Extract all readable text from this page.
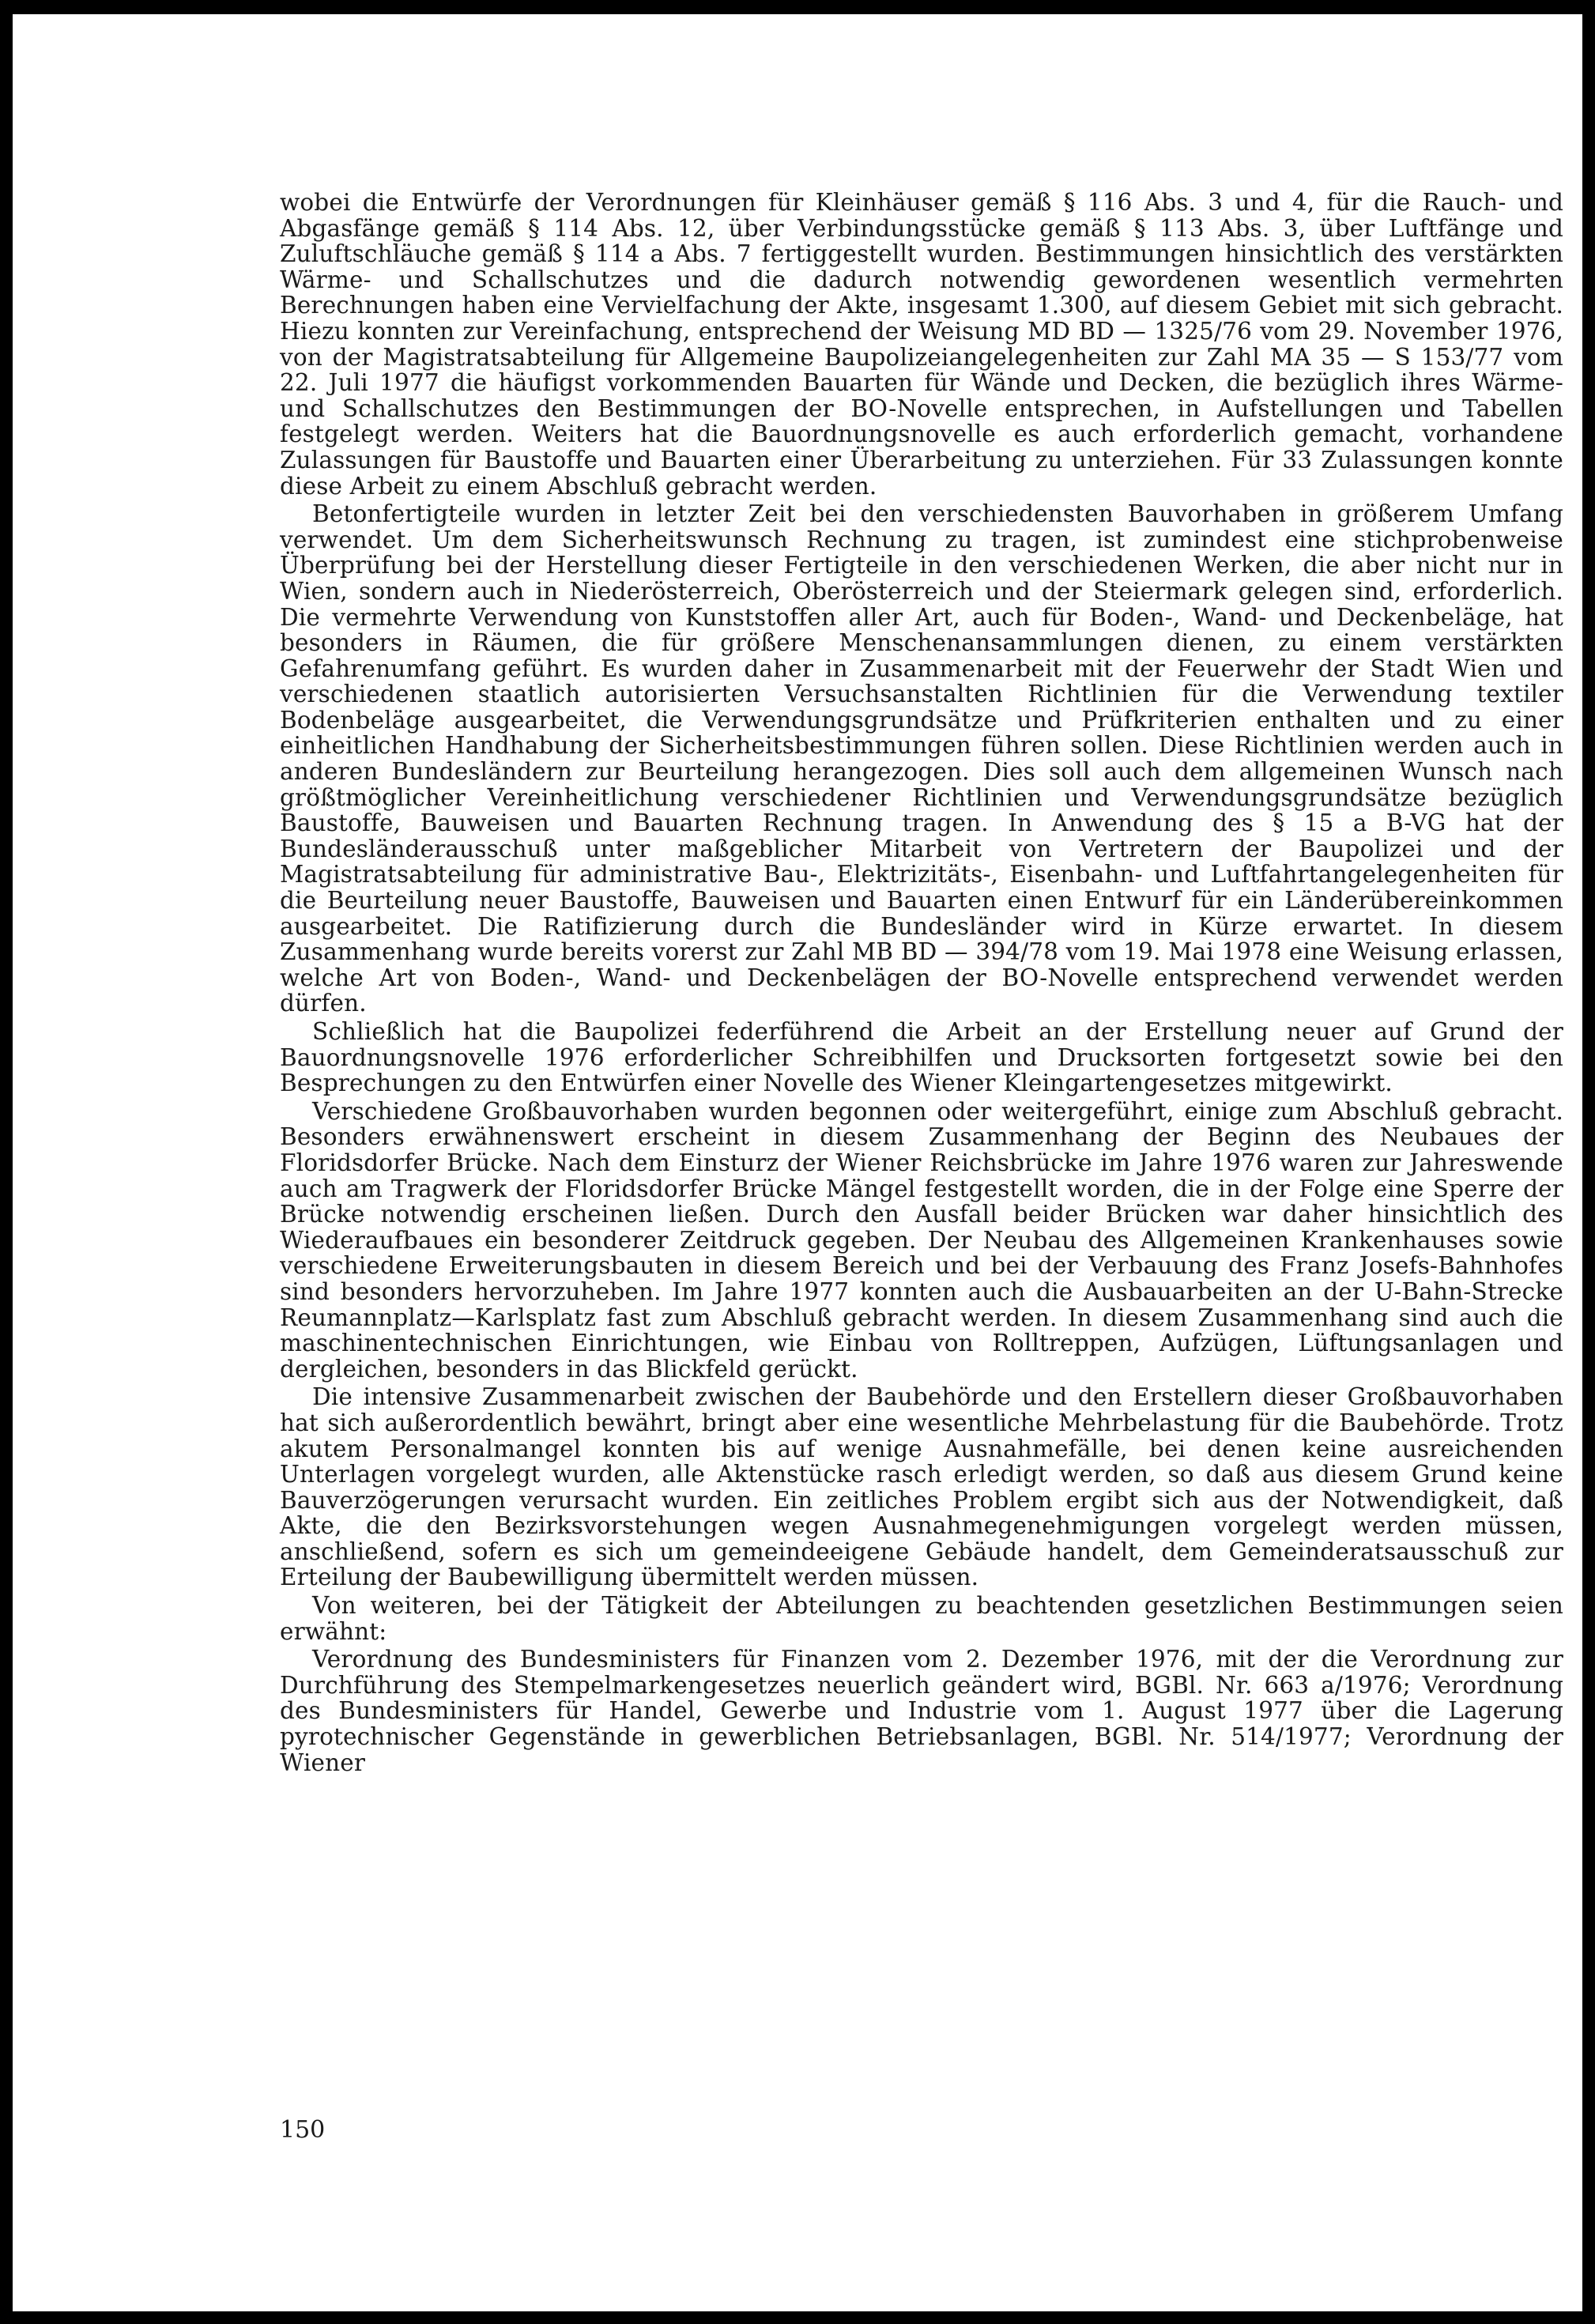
wobei die Entwürfe der Verordnungen für Kleinhäuser gemäß § 116 Abs. 3 und 4, für die Rauch- und Abgasfänge gemäß § 114 Abs. 12, über Verbindungsstücke gemäß § 113 Abs. 3, über Luftfänge und Zuluftschläuche gemäß § 114 a Abs. 7 fertiggestellt wurden. Bestimmungen hinsichtlich des verstärkten Wärme- und Schallschutzes und die dadurch notwendig gewordenen wesentlich vermehrten Berechnungen haben eine Vervielfachung der Akte, insgesamt 1.300, auf diesem Gebiet mit sich gebracht. Hiezu konnten zur Vereinfachung, entsprechend der Weisung MD BD — 1325/76 vom 29. November 1976, von der Magistratsabteilung für Allgemeine Baupolizeiangelegenheiten zur Zahl MA 35 — S 153/77 vom 22. Juli 1977 die häufigst vorkommenden Bauarten für Wände und Decken, die bezüglich ihres Wärme- und Schallschutzes den Bestimmungen der BO-Novelle entsprechen, in Aufstellungen und Tabellen festgelegt werden. Weiters hat die Bauordnungsnovelle es auch erforderlich gemacht, vorhandene Zulassungen für Baustoffe und Bauarten einer Überarbeitung zu unterziehen. Für 33 Zulassungen konnte diese Arbeit zu einem Abschluß gebracht werden.

Betonfertigteile wurden in letzter Zeit bei den verschiedensten Bauvorhaben in größerem Umfang verwendet. Um dem Sicherheitswunsch Rechnung zu tragen, ist zumindest eine stichprobenweise Überprüfung bei der Herstellung dieser Fertigteile in den verschiedenen Werken, die aber nicht nur in Wien, sondern auch in Niederösterreich, Oberösterreich und der Steiermark gelegen sind, erforderlich. Die vermehrte Verwendung von Kunststoffen aller Art, auch für Boden-, Wand- und Deckenbeläge, hat besonders in Räumen, die für größere Menschenansammlungen dienen, zu einem verstärkten Gefahrenumfang geführt. Es wurden daher in Zusammenarbeit mit der Feuerwehr der Stadt Wien und verschiedenen staatlich autorisierten Versuchsanstalten Richtlinien für die Verwendung textiler Bodenbeläge ausgearbeitet, die Verwendungsgrundsätze und Prüfkriterien enthalten und zu einer einheitlichen Handhabung der Sicherheitsbestimmungen führen sollen. Diese Richtlinien werden auch in anderen Bundesländern zur Beurteilung herangezogen. Dies soll auch dem allgemeinen Wunsch nach größtmöglicher Vereinheitlichung verschiedener Richtlinien und Verwendungsgrundsätze bezüglich Baustoffe, Bauweisen und Bauarten Rechnung tragen. In Anwendung des § 15 a B-VG hat der Bundesländerausschuß unter maßgeblicher Mitarbeit von Vertretern der Baupolizei und der Magistratsabteilung für administrative Bau-, Elektrizitäts-, Eisenbahn- und Luftfahrtangelegenheiten für die Beurteilung neuer Baustoffe, Bauweisen und Bauarten einen Entwurf für ein Länderübereinkommen ausgearbeitet. Die Ratifizierung durch die Bundesländer wird in Kürze erwartet. In diesem Zusammenhang wurde bereits vorerst zur Zahl MB BD — 394/78 vom 19. Mai 1978 eine Weisung erlassen, welche Art von Boden-, Wand- und Deckenbelägen der BO-Novelle entsprechend verwendet werden dürfen.

Schließlich hat die Baupolizei federführend die Arbeit an der Erstellung neuer auf Grund der Bauordnungsnovelle 1976 erforderlicher Schreibhilfen und Drucksorten fortgesetzt sowie bei den Besprechungen zu den Entwürfen einer Novelle des Wiener Kleingartengesetzes mitgewirkt.

Verschiedene Großbauvorhaben wurden begonnen oder weitergeführt, einige zum Abschluß gebracht. Besonders erwähnenswert erscheint in diesem Zusammenhang der Beginn des Neubaues der Floridsdorfer Brücke. Nach dem Einsturz der Wiener Reichsbrücke im Jahre 1976 waren zur Jahreswende auch am Tragwerk der Floridsdorfer Brücke Mängel festgestellt worden, die in der Folge eine Sperre der Brücke notwendig erscheinen ließen. Durch den Ausfall beider Brücken war daher hinsichtlich des Wiederaufbaues ein besonderer Zeitdruck gegeben. Der Neubau des Allgemeinen Krankenhauses sowie verschiedene Erweiterungsbauten in diesem Bereich und bei der Verbauung des Franz Josefs-Bahnhofes sind besonders hervorzuheben. Im Jahre 1977 konnten auch die Ausbauarbeiten an der U-Bahn-Strecke Reumannplatz—Karlsplatz fast zum Abschluß gebracht werden. In diesem Zusammenhang sind auch die maschinentechnischen Einrichtungen, wie Einbau von Rolltreppen, Aufzügen, Lüftungsanlagen und dergleichen, besonders in das Blickfeld gerückt.

Die intensive Zusammenarbeit zwischen der Baubehörde und den Erstellern dieser Großbauvorhaben hat sich außerordentlich bewährt, bringt aber eine wesentliche Mehrbelastung für die Baubehörde. Trotz akutem Personalmangel konnten bis auf wenige Ausnahmefälle, bei denen keine ausreichenden Unterlagen vorgelegt wurden, alle Aktenstücke rasch erledigt werden, so daß aus diesem Grund keine Bauverzögerungen verursacht wurden. Ein zeitliches Problem ergibt sich aus der Notwendigkeit, daß Akte, die den Bezirksvorstehungen wegen Ausnahmegenehmigungen vorgelegt werden müssen, anschließend, sofern es sich um gemeindeeigene Gebäude handelt, dem Gemeinderatsausschuß zur Erteilung der Baubewilligung übermittelt werden müssen.

Von weiteren, bei der Tätigkeit der Abteilungen zu beachtenden gesetzlichen Bestimmungen seien erwähnt:

Verordnung des Bundesministers für Finanzen vom 2. Dezember 1976, mit der die Verordnung zur Durchführung des Stempelmarkengesetzes neuerlich geändert wird, BGBl. Nr. 663 a/1976; Verordnung des Bundesministers für Handel, Gewerbe und Industrie vom 1. August 1977 über die Lagerung pyrotechnischer Gegenstände in gewerblichen Betriebsanlagen, BGBl. Nr. 514/1977; Verordnung der Wiener

150
